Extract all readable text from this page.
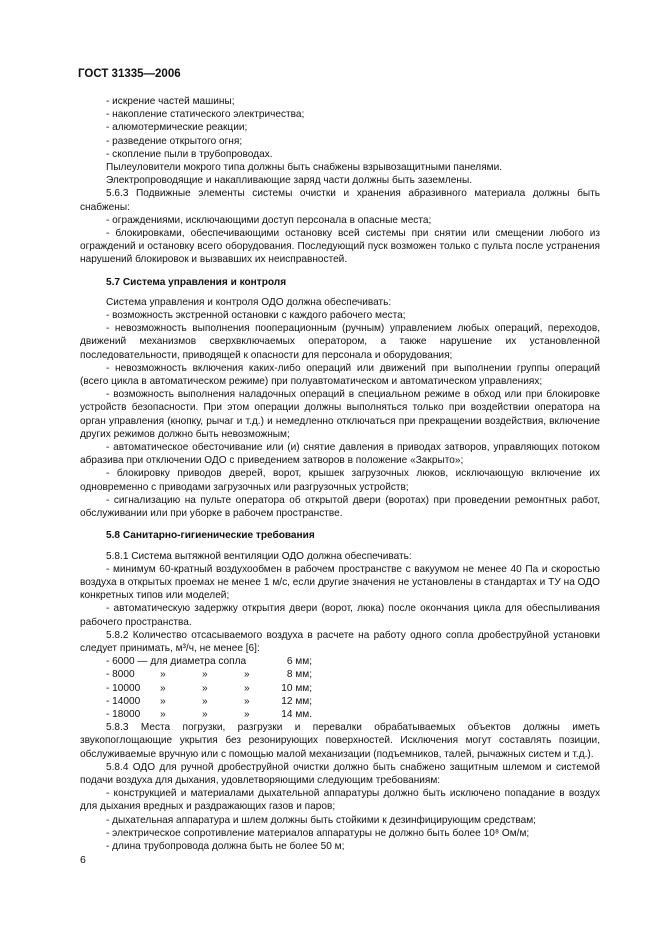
ГОСТ 31335—2006

- искрение частей машины;

- накопление статического электричества;

- алюмотермические реакции;

- разведение открытого огня;

- скопление пыли в трубопроводах.

Пылеуловители мокрого типа должны быть снабжены взрывозащитными панелями.

Электропроводящие и накапливающие заряд части должны быть заземлены.

5.6.3 Подвижные элементы системы очистки и хранения абразивного материала должны быть снабжены:

- ограждениями, исключающими доступ персонала в опасные места;

- блокировками, обеспечивающими остановку всей системы при снятии или смещении любого из ограждений и остановку всего оборудования. Последующий пуск возможен только с пульта после устранения нарушений блокировок и вызвавших их неисправностей.

5.7 Система управления и контроля

Система управления и контроля ОДО должна обеспечивать:

- возможность экстренной остановки с каждого рабочего места;

- невозможность выполнения пооперационным (ручным) управлением любых операций, переходов, движений механизмов сверхвключаемых оператором, а также нарушение их установленной последовательности, приводящей к опасности для персонала и оборудования;

- невозможность включения каких-либо операций или движений при выполнении группы операций (всего цикла в автоматическом режиме) при полуавтоматическом и автоматическом управлениях;

- возможность выполнения наладочных операций в специальном режиме в обход или при блокировке устройств безопасности. При этом операции должны выполняться только при воздействии оператора на орган управления (кнопку, рычаг и т.д.) и немедленно отключаться при прекращении воздействия, включение других режимов должно быть невозможным;

- автоматическое обесточивание или (и) снятие давления в приводах затворов, управляющих потоком абразива при отключении ОДО с приведением затворов в положение «Закрыто»;

- блокировку приводов дверей, ворот, крышек загрузочных люков, исключающую включение их одновременно с приводами загрузочных или разгрузочных устройств;

- сигнализацию на пульте оператора об открытой двери (воротах) при проведении ремонтных работ, обслуживании или при уборке в рабочем пространстве.

5.8 Санитарно-гигиенические требования

5.8.1 Система вытяжной вентиляции ОДО должна обеспечивать:

- минимум 60-кратный воздухообмен в рабочем пространстве с вакуумом не менее 40 Па и скоростью воздуха в открытых проемах не менее 1 м/с, если другие значения не установлены в стандартах и ТУ на ОДО конкретных типов или моделей;

- автоматическую задержку открытия двери (ворот, люка) после окончания цикла для обеспыливания рабочего пространства.

5.8.2 Количество отсасываемого воздуха в расчете на работу одного сопла дробеструйной установки следует принимать, м³/ч, не менее [6]:

- 6000 — для диаметра сопла				6 мм;
- 8000	»	»	»	8 мм;
- 10000	»	»	»	10 мм;
- 14000	»	»	»	12 мм;
- 18000	»	»	»	14 мм.

5.8.3 Места погрузки, разгрузки и перевалки обрабатываемых объектов должны иметь звукопоглощающие укрытия без резонирующих поверхностей. Исключения могут составлять позиции, обслуживаемые вручную или с помощью малой механизации (подъемников, талей, рычажных систем и т.д.).

5.8.4 ОДО для ручной дробеструйной очистки должно быть снабжено защитным шлемом и системой подачи воздуха для дыхания, удовлетворяющими следующим требованиям:

- конструкцией и материалами дыхательной аппаратуры должно быть исключено попадание в воздух для дыхания вредных и раздражающих газов и паров;

- дыхательная аппаратура и шлем должны быть стойкими к дезинфицирующим средствам;

- электрическое сопротивление материалов аппаратуры не должно быть более 10⁸ Ом/м;

- длина трубопровода должна быть не более 50 м;

6
